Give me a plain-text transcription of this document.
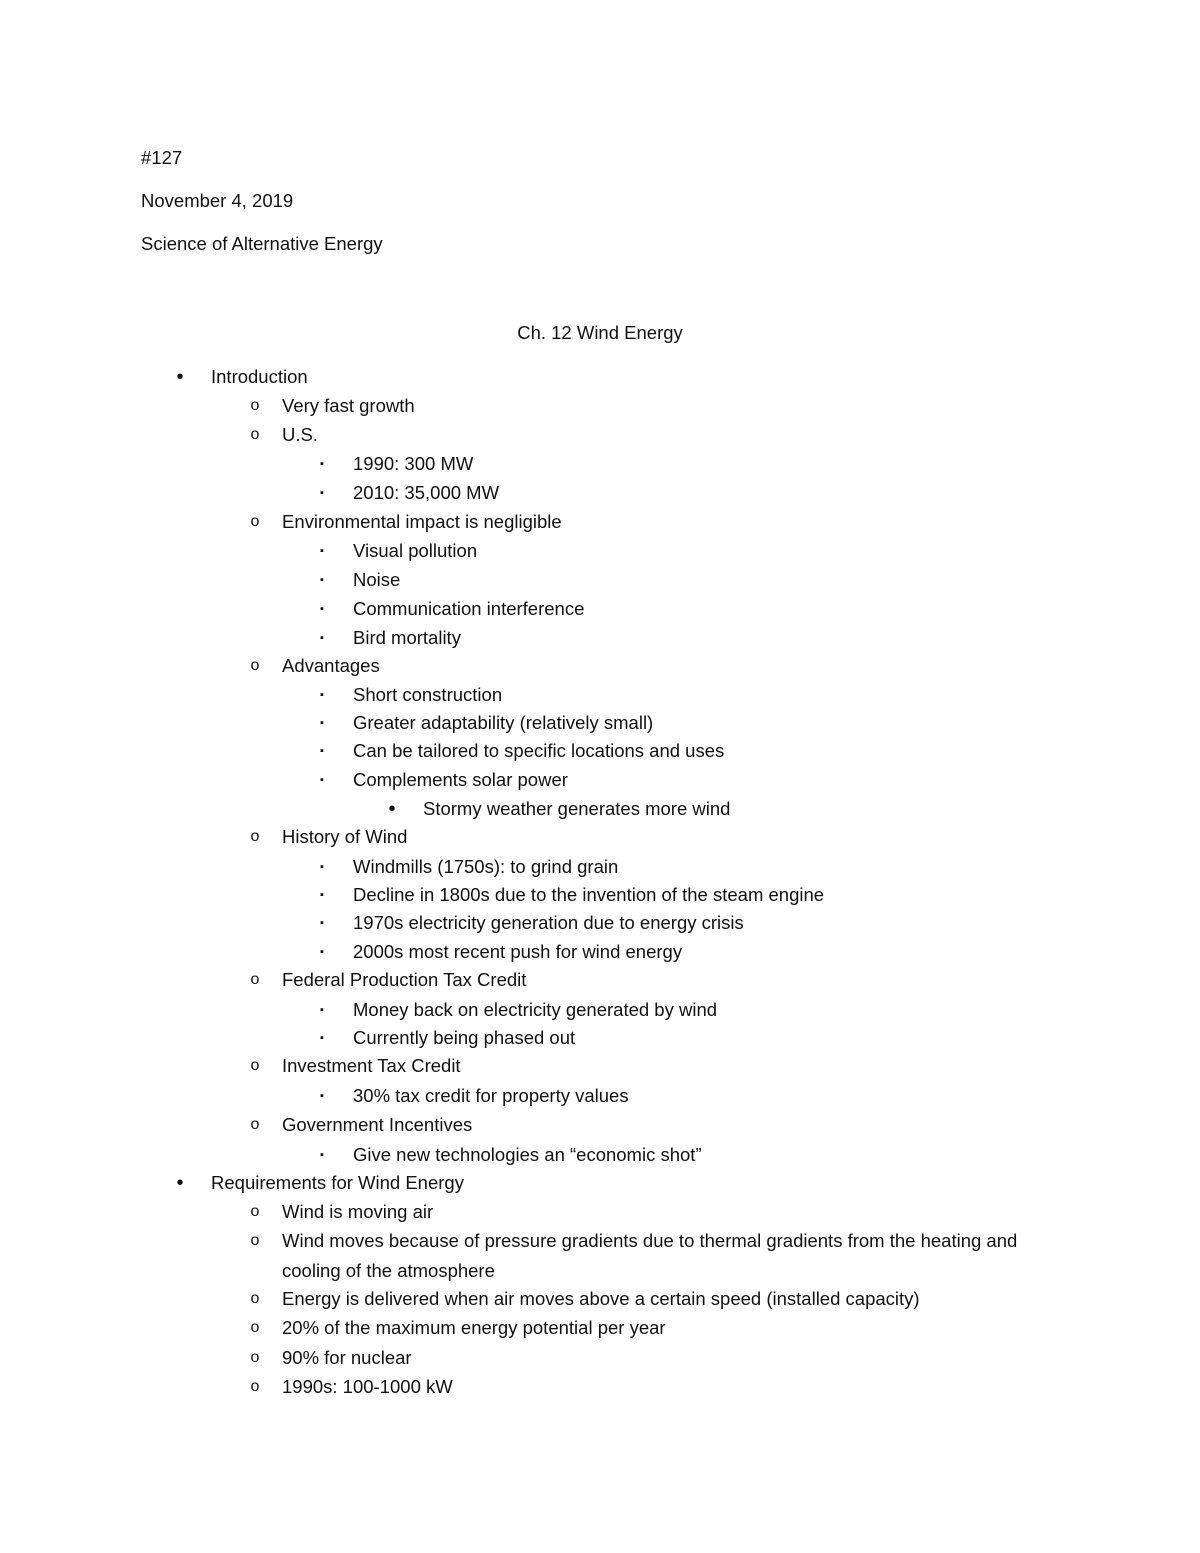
#127
November 4, 2019
Science of Alternative Energy
Ch. 12 Wind Energy
• Introduction
o Very fast growth
o U.S.
▪ 1990: 300 MW
▪ 2010: 35,000 MW
o Environmental impact is negligible
▪ Visual pollution
▪ Noise
▪ Communication interference
▪ Bird mortality
o Advantages
▪ Short construction
▪ Greater adaptability (relatively small)
▪ Can be tailored to specific locations and uses
▪ Complements solar power
• Stormy weather generates more wind
o History of Wind
▪ Windmills (1750s): to grind grain
▪ Decline in 1800s due to the invention of the steam engine
▪ 1970s electricity generation due to energy crisis
▪ 2000s most recent push for wind energy
o Federal Production Tax Credit
▪ Money back on electricity generated by wind
▪ Currently being phased out
o Investment Tax Credit
▪ 30% tax credit for property values
o Government Incentives
▪ Give new technologies an “economic shot”
• Requirements for Wind Energy
o Wind is moving air
o Wind moves because of pressure gradients due to thermal gradients from the heating and cooling of the atmosphere
o Energy is delivered when air moves above a certain speed (installed capacity)
o 20% of the maximum energy potential per year
o 90% for nuclear
o 1990s: 100-1000 kW
